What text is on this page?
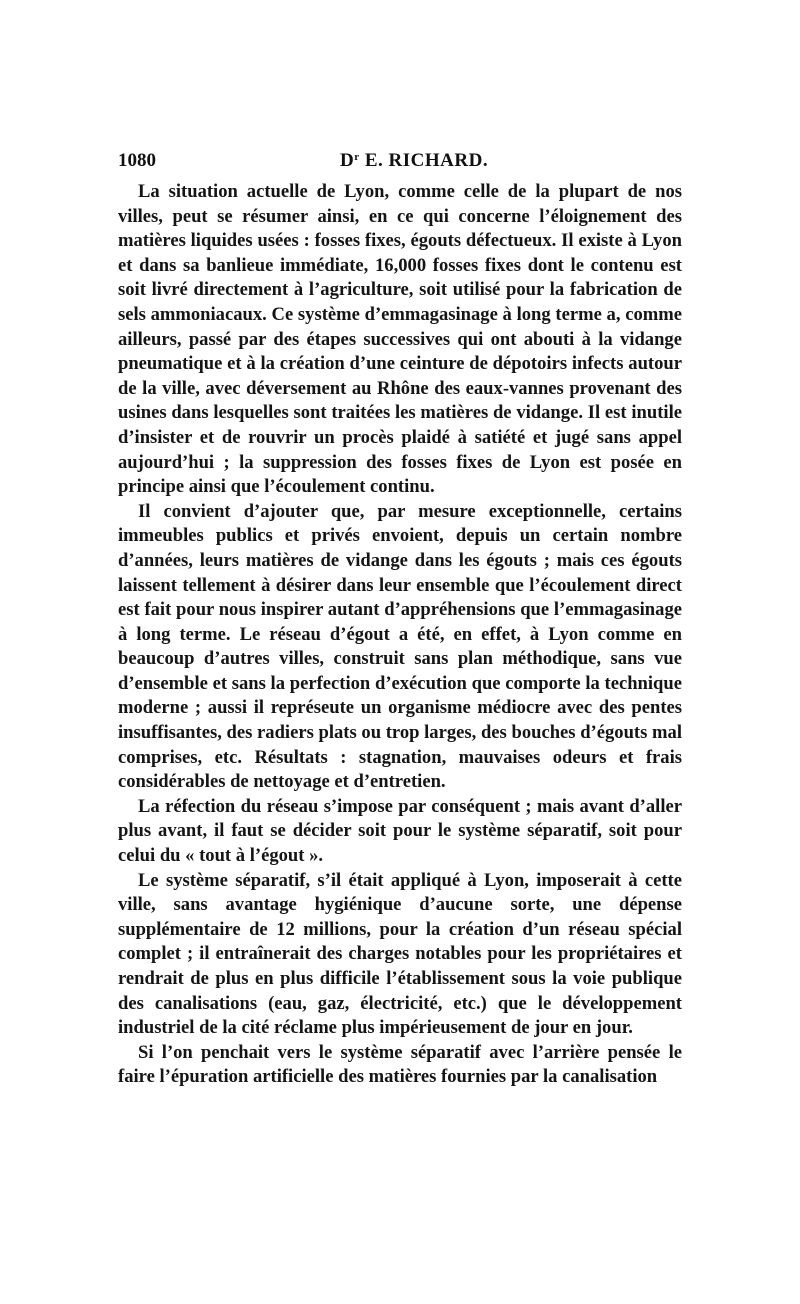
1080	$D^r$ E. RICHARD.

La situation actuelle de Lyon, comme celle de la plupart de nos villes, peut se résumer ainsi, en ce qui concerne l’éloignement des matières liquides usées : fosses fixes, égouts défectueux. Il existe à Lyon et dans sa banlieue immédiate, 16,000 fosses fixes dont le contenu est soit livré directement à l’agriculture, soit utilisé pour la fabrication de sels ammoniacaux. Ce système d’emmagasinage à long terme a, comme ailleurs, passé par des étapes successives qui ont abouti à la vidange pneumatique et à la création d’une ceinture de dépotoirs infects autour de la ville, avec déversement au Rhône des eaux-vannes provenant des usines dans lesquelles sont traitées les matières de vidange. Il est inutile d’insister et de rouvrir un procès plaidé à satiété et jugé sans appel aujourd’hui ; la suppression des fosses fixes de Lyon est posée en principe ainsi que l’écoulement continu.

Il convient d’ajouter que, par mesure exceptionnelle, certains immeubles publics et privés envoient, depuis un certain nombre d’années, leurs matières de vidange dans les égouts ; mais ces égouts laissent tellement à désirer dans leur ensemble que l’écoulement direct est fait pour nous inspirer autant d’appréhensions que l’emmagasinage à long terme. Le réseau d’égout a été, en effet, à Lyon comme en beaucoup d’autres villes, construit sans plan méthodique, sans vue d’ensemble et sans la perfection d’exécution que comporte la technique moderne ; aussi il représeute un organisme médiocre avec des pentes insuffisantes, des radiers plats ou trop larges, des bouches d’égouts mal comprises, etc. Résultats : stagnation, mauvaises odeurs et frais considérables de nettoyage et d’entretien.

La réfection du réseau s’impose par conséquent ; mais avant d’aller plus avant, il faut se décider soit pour le système séparatif, soit pour celui du « tout à l’égout ».

Le système séparatif, s’il était appliqué à Lyon, imposerait à cette ville, sans avantage hygiénique d’aucune sorte, une dépense supplémentaire de 12 millions, pour la création d’un réseau spécial complet ; il entraînerait des charges notables pour les propriétaires et rendrait de plus en plus difficile l’établissement sous la voie publique des canalisations (eau, gaz, électricité, etc.) que le développement industriel de la cité réclame plus impérieusement de jour en jour.

Si l’on penchait vers le système séparatif avec l’arrière pensée le faire l’épuration artificielle des matières fournies par la canalisation
